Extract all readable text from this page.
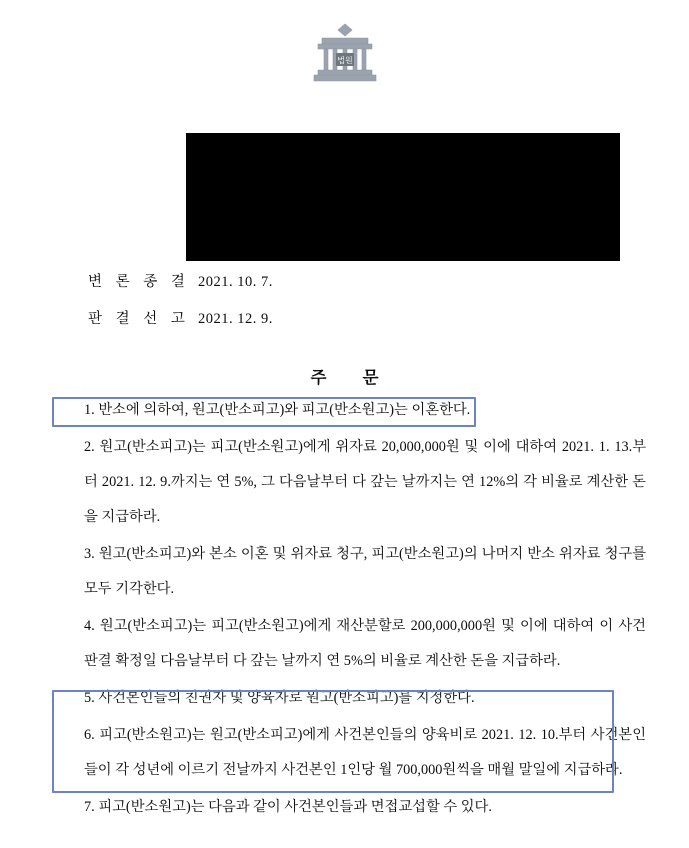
법원
변 론 종 결 2021. 10. 7.
판 결 선 고 2021. 12. 9.
주 문

1. 반소에 의하여, 원고(반소피고)와 피고(반소원고)는 이혼한다.

2. 원고(반소피고)는 피고(반소원고)에게 위자료 20,000,000원 및 이에 대하여 2021. 1. 13.부터 2021. 12. 9.까지는 연 5%, 그 다음날부터 다 갚는 날까지는 연 12%의 각 비율로 계산한 돈을 지급하라.

3. 원고(반소피고)와 본소 이혼 및 위자료 청구, 피고(반소원고)의 나머지 반소 위자료 청구를 모두 기각한다.

4. 원고(반소피고)는 피고(반소원고)에게 재산분할로 200,000,000원 및 이에 대하여 이 사건 판결 확정일 다음날부터 다 갚는 날까지 연 5%의 비율로 계산한 돈을 지급하라.

5. 사건본인들의 친권자 및 양육자로 원고(반소피고)를 지정한다.

6. 피고(반소원고)는 원고(반소피고)에게 사건본인들의 양육비로 2021. 12. 10.부터 사건본인들이 각 성년에 이르기 전날까지 사건본인 1인당 월 700,000원씩을 매월 말일에 지급하라.

7. 피고(반소원고)는 다음과 같이 사건본인들과 면접교섭할 수 있다.
